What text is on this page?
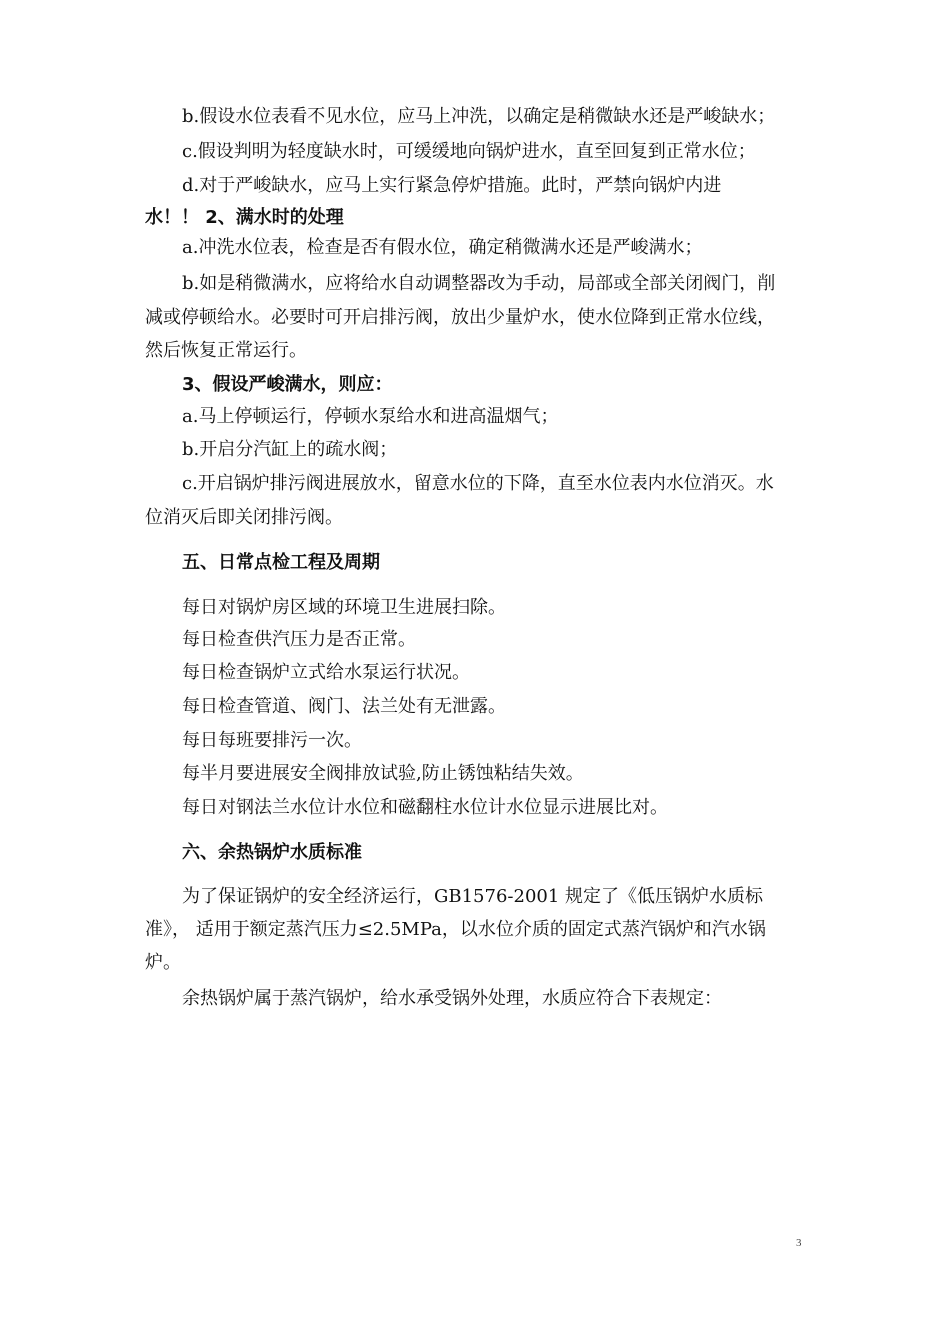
b.假设水位表看不见水位，应马上冲洗，以确定是稍微缺水还是严峻缺水；
c.假设判明为轻度缺水时，可缓缓地向锅炉进水，直至回复到正常水位；
d.对于严峻缺水，应马上实行紧急停炉措施。此时，严禁向锅炉内进
水！！ 2、满水时的处理
a.冲洗水位表，检查是否有假水位，确定稍微满水还是严峻满水；
b.如是稍微满水，应将给水自动调整器改为手动，局部或全部关闭阀门，削
减或停顿给水。必要时可开启排污阀，放出少量炉水，使水位降到正常水位线，
然后恢复正常运行。
3、假设严峻满水，则应：
a.马上停顿运行，停顿水泵给水和进高温烟气；
b.开启分汽缸上的疏水阀；
c.开启锅炉排污阀进展放水，留意水位的下降，直至水位表内水位消灭。水
位消灭后即关闭排污阀。
五、日常点检工程及周期
每日对锅炉房区域的环境卫生进展扫除。
每日检查供汽压力是否正常。
每日检查锅炉立式给水泵运行状况。
每日检查管道、阀门、法兰处有无泄露。
每日每班要排污一次。
每半月要进展安全阀排放试验,防止锈蚀粘结失效。
每日对钢法兰水位计水位和磁翻柱水位计水位显示进展比对。
六、余热锅炉水质标准
为了保证锅炉的安全经济运行，GB1576-2001 规定了《低压锅炉水质标
准》， 适用于额定蒸汽压力≤2.5MPa，以水位介质的固定式蒸汽锅炉和汽水锅
炉。
余热锅炉属于蒸汽锅炉，给水承受锅外处理，水质应符合下表规定：
3
